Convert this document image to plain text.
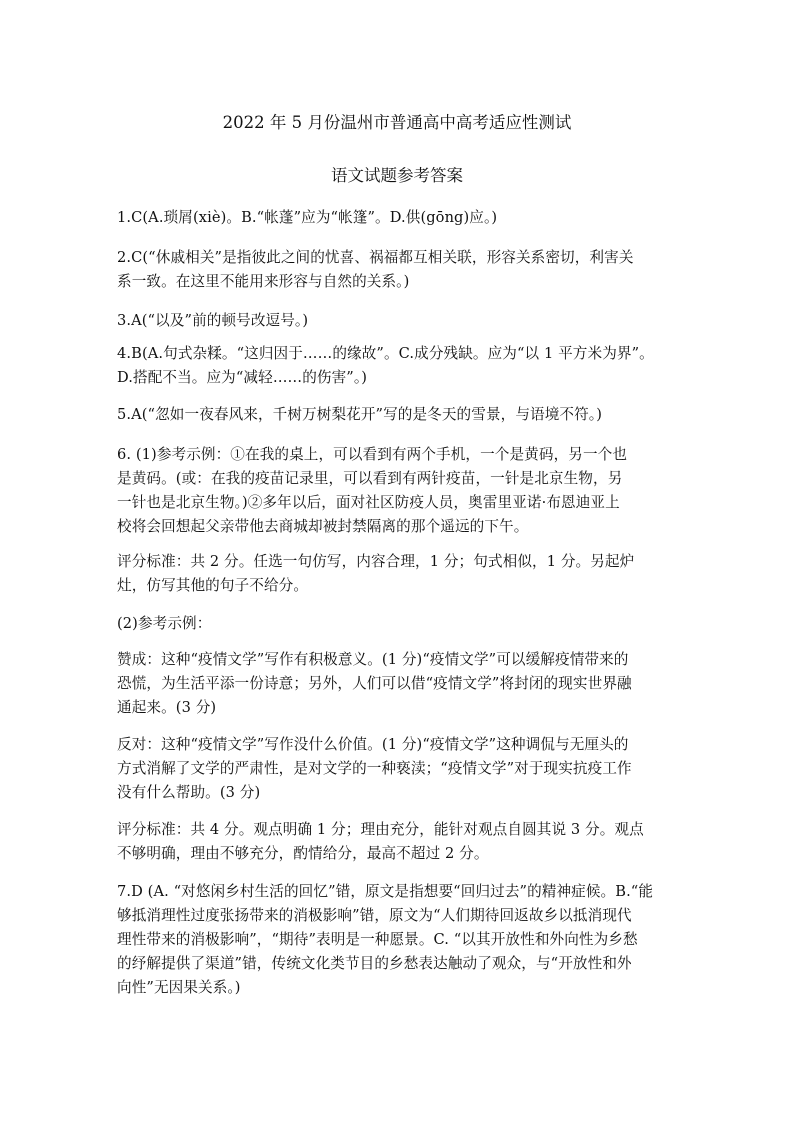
2022 年 5 月份温州市普通高中高考适应性测试
语文试题参考答案

1.C(A.琐屑(xiè)。B.“帐蓬”应为“帐篷”。D.供(gōng)应。)

2.C(“休戚相关”是指彼此之间的忧喜、祸福都互相关联，形容关系密切，利害关

系一致。在这里不能用来形容与自然的关系。)

3.A(“以及”前的顿号改逗号。)

4.B(A.句式杂糅。“这归因于……的缘故”。C.成分残缺。应为“以 1 平方米为界”。

D.搭配不当。应为“减轻……的伤害”。)

5.A(“忽如一夜春风来，千树万树梨花开”写的是冬天的雪景，与语境不符。)

6. (1)参考示例：①在我的桌上，可以看到有两个手机，一个是黄码，另一个也

是黄码。(或：在我的疫苗记录里，可以看到有两针疫苗，一针是北京生物，另

一针也是北京生物。)②多年以后，面对社区防疫人员，奥雷里亚诺·布恩迪亚上

校将会回想起父亲带他去商城却被封禁隔离的那个遥远的下午。

评分标准：共 2 分。任选一句仿写，内容合理，1 分；句式相似，1 分。另起炉

灶，仿写其他的句子不给分。

(2)参考示例：

赞成：这种“疫情文学”写作有积极意义。(1 分)“疫情文学”可以缓解疫情带来的

恐慌，为生活平添一份诗意；另外，人们可以借“疫情文学”将封闭的现实世界融

通起来。(3 分)

反对：这种“疫情文学”写作没什么价值。(1 分)“疫情文学”这种调侃与无厘头的

方式消解了文学的严肃性，是对文学的一种亵渎；“疫情文学”对于现实抗疫工作

没有什么帮助。(3 分)

评分标准：共 4 分。观点明确 1 分；理由充分，能针对观点自圆其说 3 分。观点

不够明确，理由不够充分，酌情给分，最高不超过 2 分。

7.D (A. “对悠闲乡村生活的回忆”错，原文是指想要“回归过去”的精神症候。B.“能

够抵消理性过度张扬带来的消极影响”错，原文为“人们期待回返故乡以抵消现代

理性带来的消极影响”，“期待”表明是一种愿景。C. “以其开放性和外向性为乡愁

的纾解提供了渠道”错，传统文化类节目的乡愁表达触动了观众，与“开放性和外

向性”无因果关系。)
